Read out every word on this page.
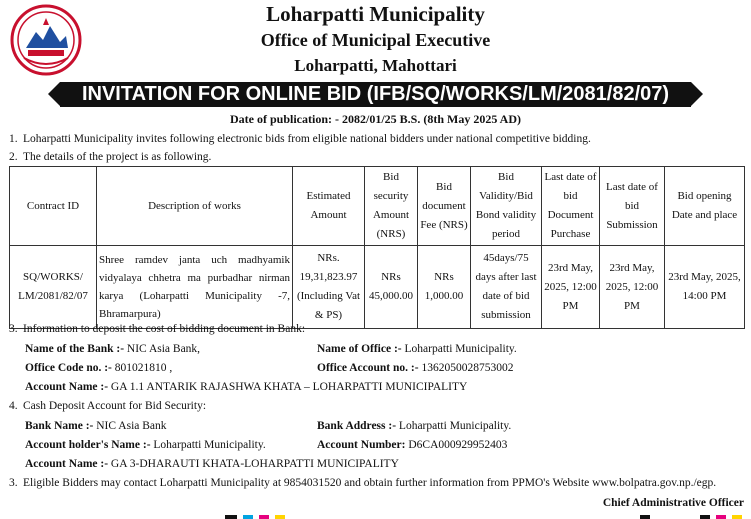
Loharpatti Municipality
Office of Municipal Executive
Loharpatti, Mahottari
INVITATION FOR ONLINE BID (IFB/SQ/WORKS/LM/2081/82/07)
Date of publication: - 2082/01/25 B.S. (8th May 2025 AD)
1. Loharpatti Municipality invites following electronic bids from eligible national bidders under national competitive bidding.
2. The details of the project is as following.
Contract ID	Description of works	Estimated Amount	Bid security Amount (NRS)	Bid document Fee (NRS)	Bid Validity/Bid Bond validity period	Last date of bid Document Purchase	Last date of bid Submission	Bid opening Date and place
SQ/WORKS/ LM/2081/82/07	Shree ramdev janta uch madhyamik vidyalaya chhetra ma purbadhar nirman karya (Loharpatti Municipality -7, Bhramarpura)	NRs. 19,31,823.97 (Including Vat & PS)	NRs 45,000.00	NRs 1,000.00	45days/75 days after last date of bid submission	23rd May, 2025, 12:00 PM	23rd May, 2025, 12:00 PM	23rd May, 2025, 14:00 PM
3. Information to deposit the cost of bidding document in Bank:
Name of the Bank :- NIC Asia Bank,	Name of Office :- Loharpatti Municipality.
Office Code no. :- 801021810 ,	Office Account no. :- 1362050028753002
Account Name :- GA 1.1 ANTARIK RAJASHWA KHATA – LOHARPATTI MUNICIPALITY
4. Cash Deposit Account for Bid Security:
Bank Name :- NIC Asia Bank	Bank Address :- Loharpatti Municipality.
Account holder's Name :- Loharpatti Municipality.	Account Number: D6CA000929952403
Account Name :- GA 3-DHARAUTI KHATA-LOHARPATTI MUNICIPALITY
3. Eligible Bidders may contact Loharpatti Municipality at 9854031520 and obtain further information from PPMO's Website www.bolpatra.gov.np./egp.
Chief Administrative Officer
